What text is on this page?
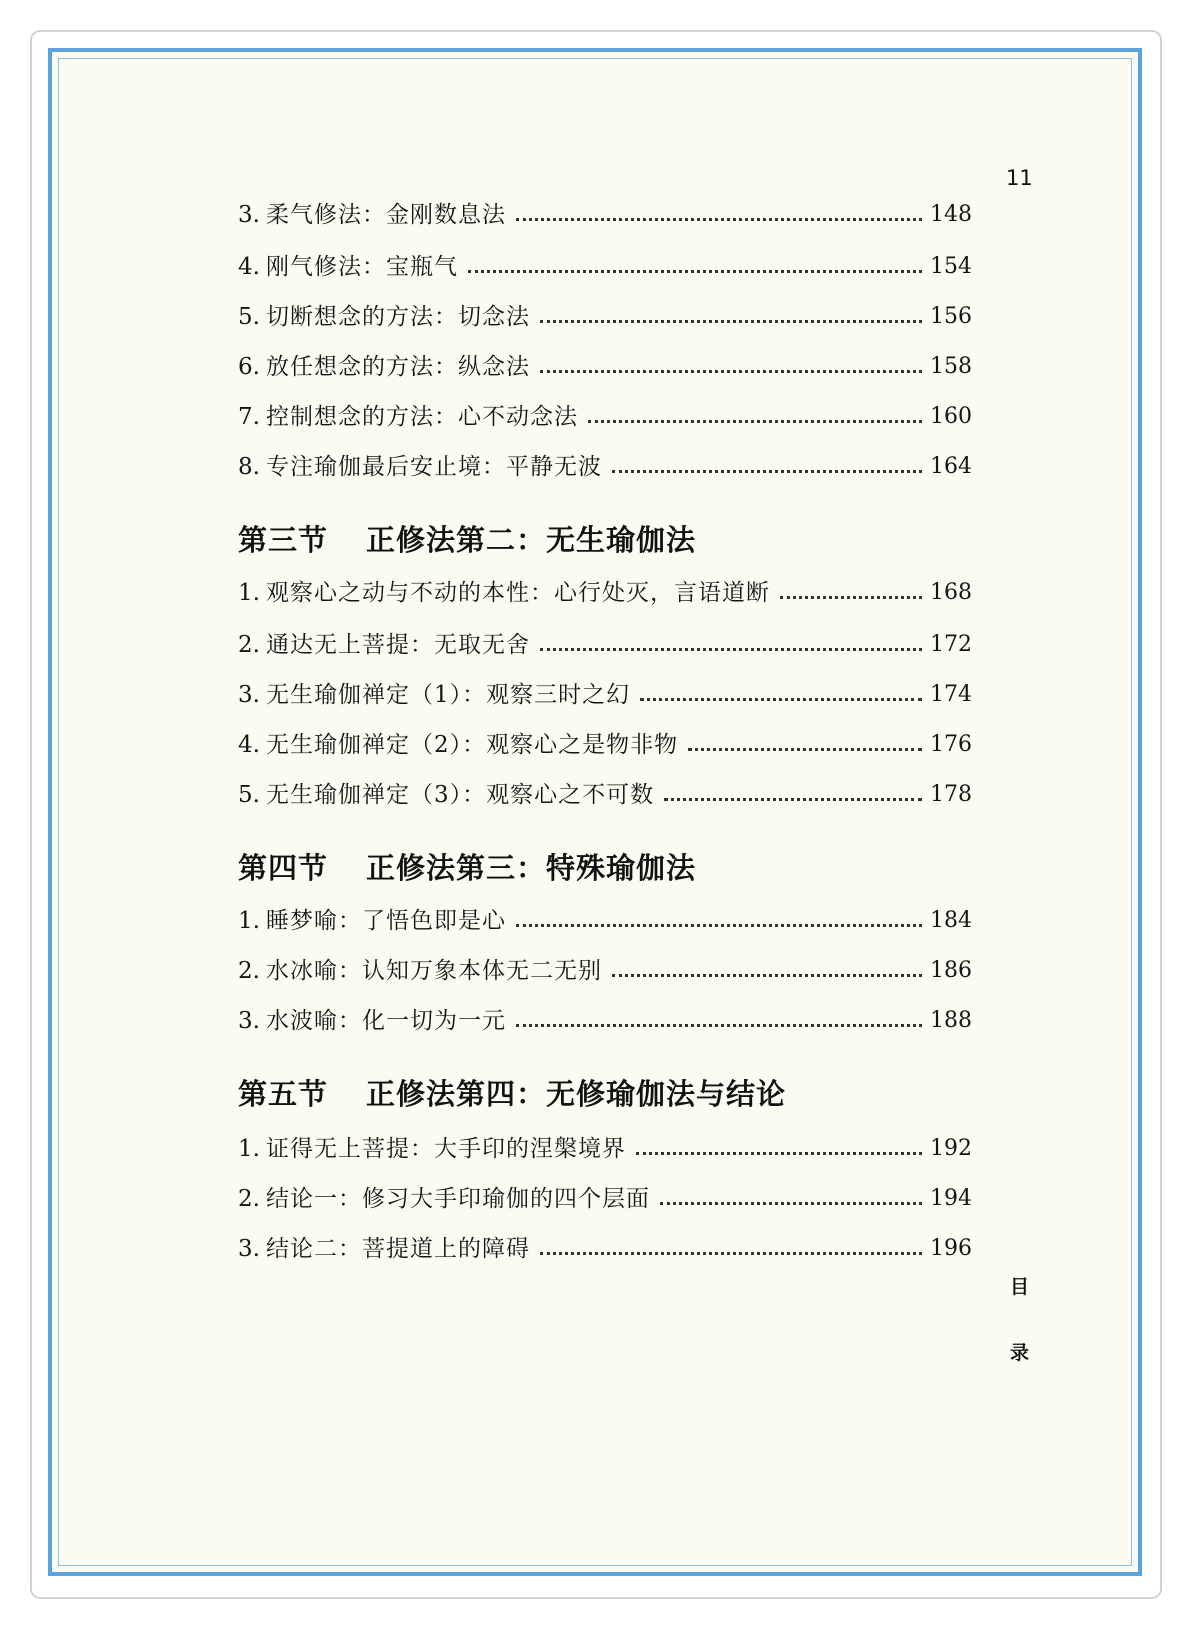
11
3. 柔气修法：金刚数息法	148
4. 刚气修法：宝瓶气	154
5. 切断想念的方法：切念法	156
6. 放任想念的方法：纵念法	158
7. 控制想念的方法：心不动念法	160
8. 专注瑜伽最后安止境：平静无波	164
第三节 正修法第二：无生瑜伽法
1. 观察心之动与不动的本性：心行处灭，言语道断	168
2. 通达无上菩提：无取无舍	172
3. 无生瑜伽禅定（1）：观察三时之幻	174
4. 无生瑜伽禅定（2）：观察心之是物非物	176
5. 无生瑜伽禅定（3）：观察心之不可数	178
第四节 正修法第三：特殊瑜伽法
1. 睡梦喻：了悟色即是心	184
2. 水冰喻：认知万象本体无二无别	186
3. 水波喻：化一切为一元	188
第五节 正修法第四：无修瑜伽法与结论
1. 证得无上菩提：大手印的涅槃境界	192
2. 结论一：修习大手印瑜伽的四个层面	194
3. 结论二：菩提道上的障碍	196
目
录
